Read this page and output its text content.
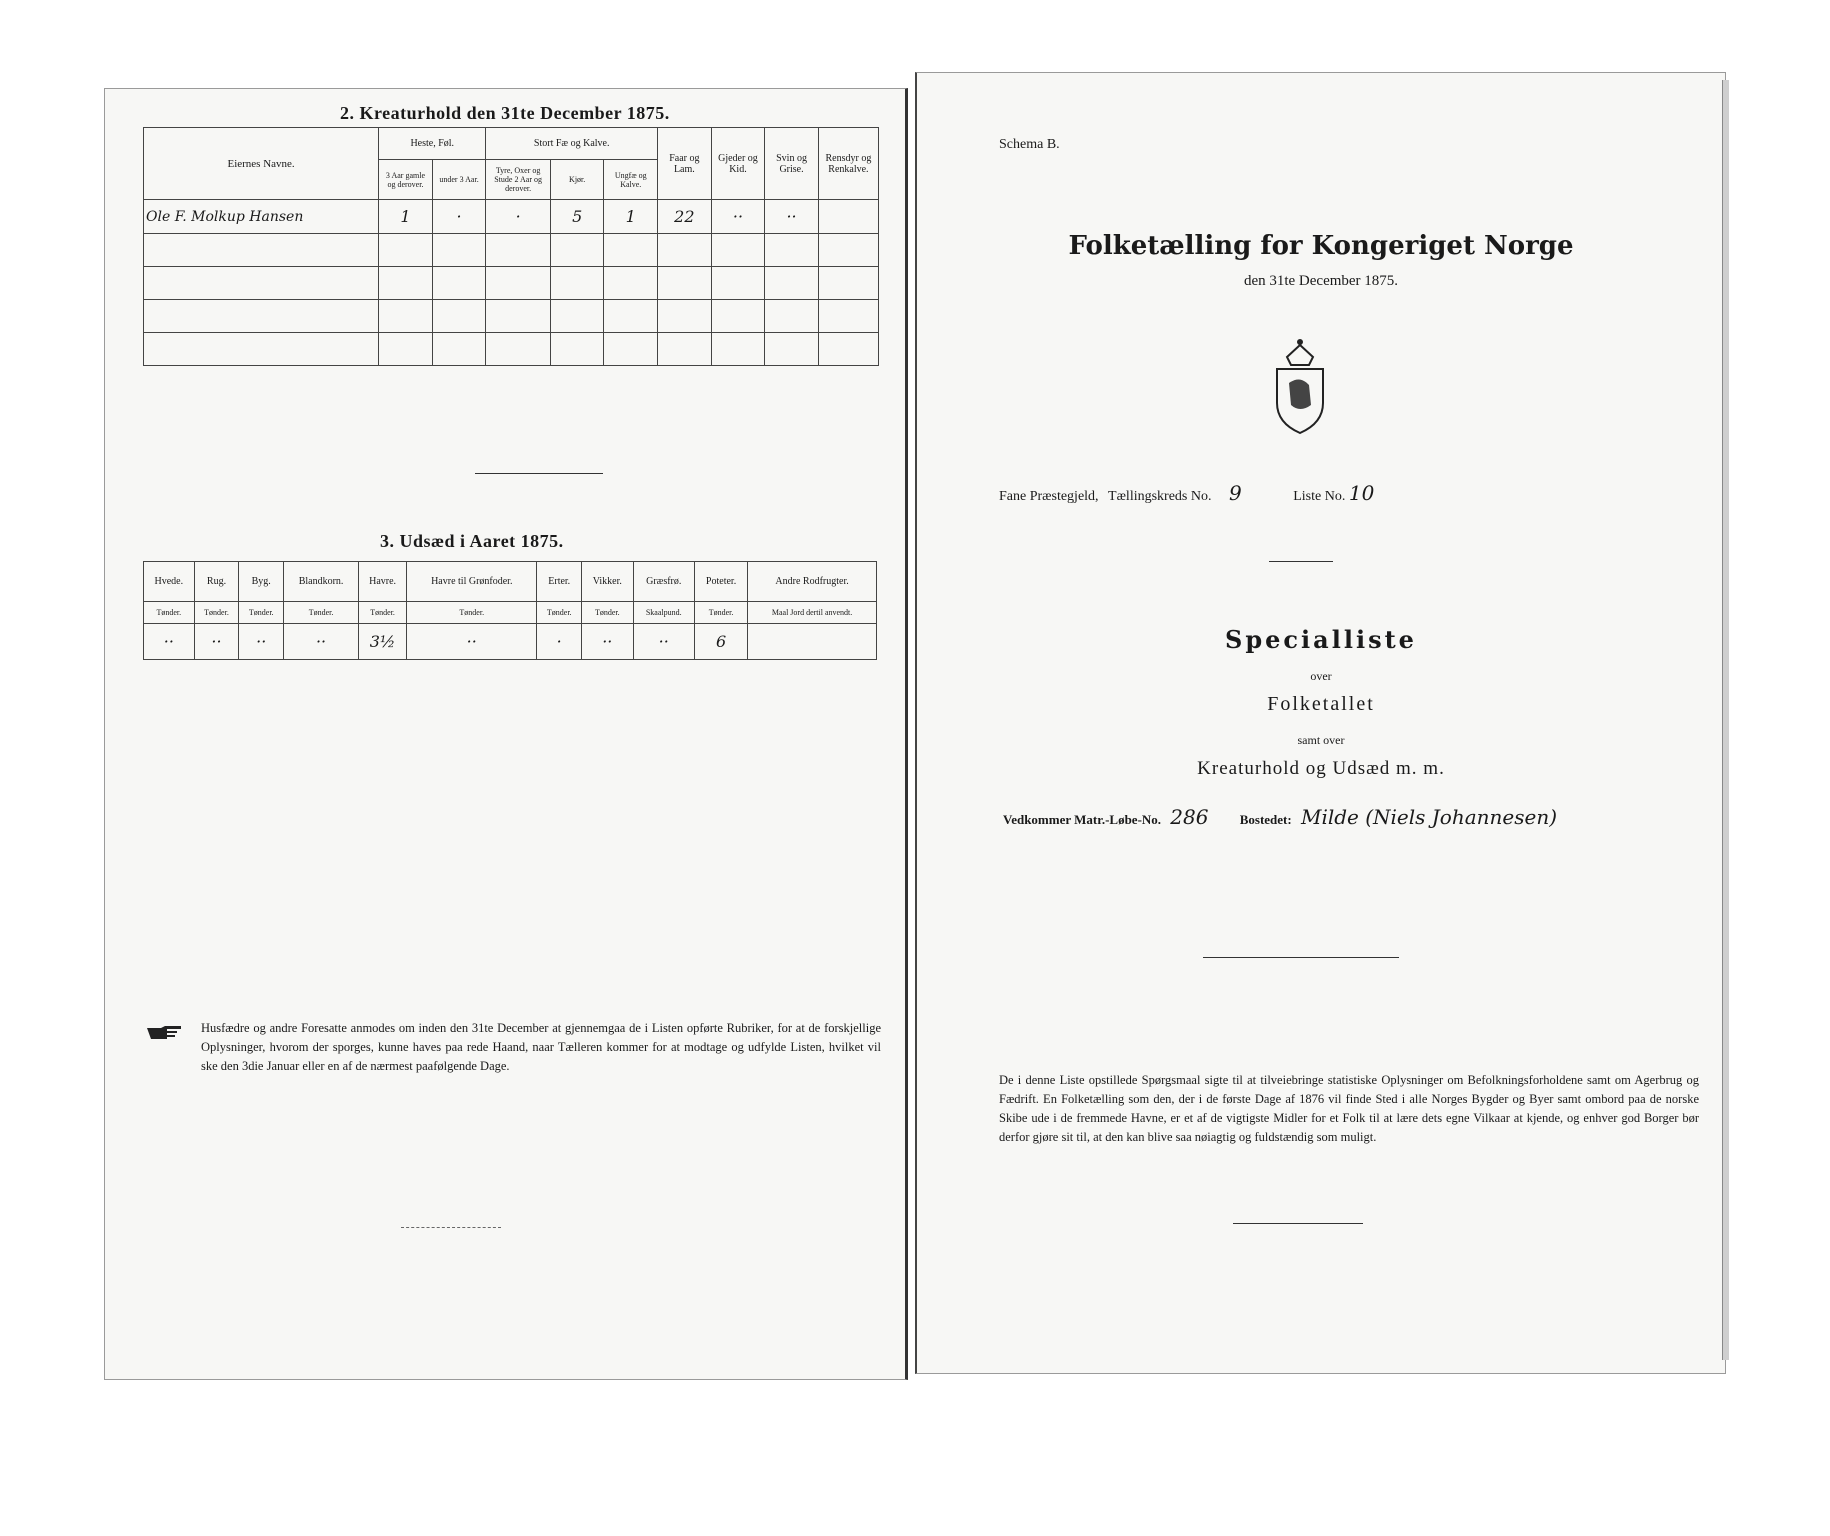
2. Kreaturhold den 31te December 1875.
Eiernes Navne.	Heste, Føl.		Stort Fæ og Kalve.			Faar og Lam.	Gjeder og Kid.	Svin og Grise.	Rensdyr og Renkalve.
	3 Aar gamle og derover.	under 3 Aar.	Tyre, Oxer og Stude 2 Aar og derover.	Kjør.	Ungfæ og Kalve.				
Ole F. Molkup Hansen	1	·	·	5	1	22	··	··	

3. Udsæd i Aaret 1875.
Hvede.	Rug.	Byg.	Blandkorn.	Havre.	Havre til Grønfoder.	Erter.	Vikker.	Græsfrø.	Poteter.	Andre Rodfrugter.
Tønder.	Tønder.	Tønder.	Tønder.	Tønder.	Tønder.	Tønder.	Tønder.	Skaalpund.	Tønder.	Maal Jord dertil anvendt.
··	··	··	··	3½	··	·	··	··	6	
Husfædre og andre Foresatte anmodes om inden den 31te December at gjennemgaa de i Listen opførte Rubriker, for at de forskjellige Oplysninger, hvorom der sporges, kunne haves paa rede Haand, naar Tælleren kommer for at modtage og udfylde Listen, hvilket vil ske den 3die Januar eller en af de nærmest paafølgende Dage.
Schema B.
Folketælling for Kongeriget Norge
den 31te December 1875.
Fane Præstegjeld, Tællingskreds No. 9	Liste No. 10
Specialliste
over
Folketallet
samt over
Kreaturhold og Udsæd m. m.
Vedkommer Matr.-Løbe-No. 286 Bostedet: Milde (Niels Johannesen)
De i denne Liste opstillede Spørgsmaal sigte til at tilveiebringe statistiske Oplysninger om Befolkningsforholdene samt om Agerbrug og Fædrift. En Folketælling som den, der i de første Dage af 1876 vil finde Sted i alle Norges Bygder og Byer samt ombord paa de norske Skibe ude i de fremmede Havne, er et af de vigtigste Midler for et Folk til at lære dets egne Vilkaar at kjende, og enhver god Borger bør derfor gjøre sit til, at den kan blive saa nøiagtig og fuldstændig som muligt.
